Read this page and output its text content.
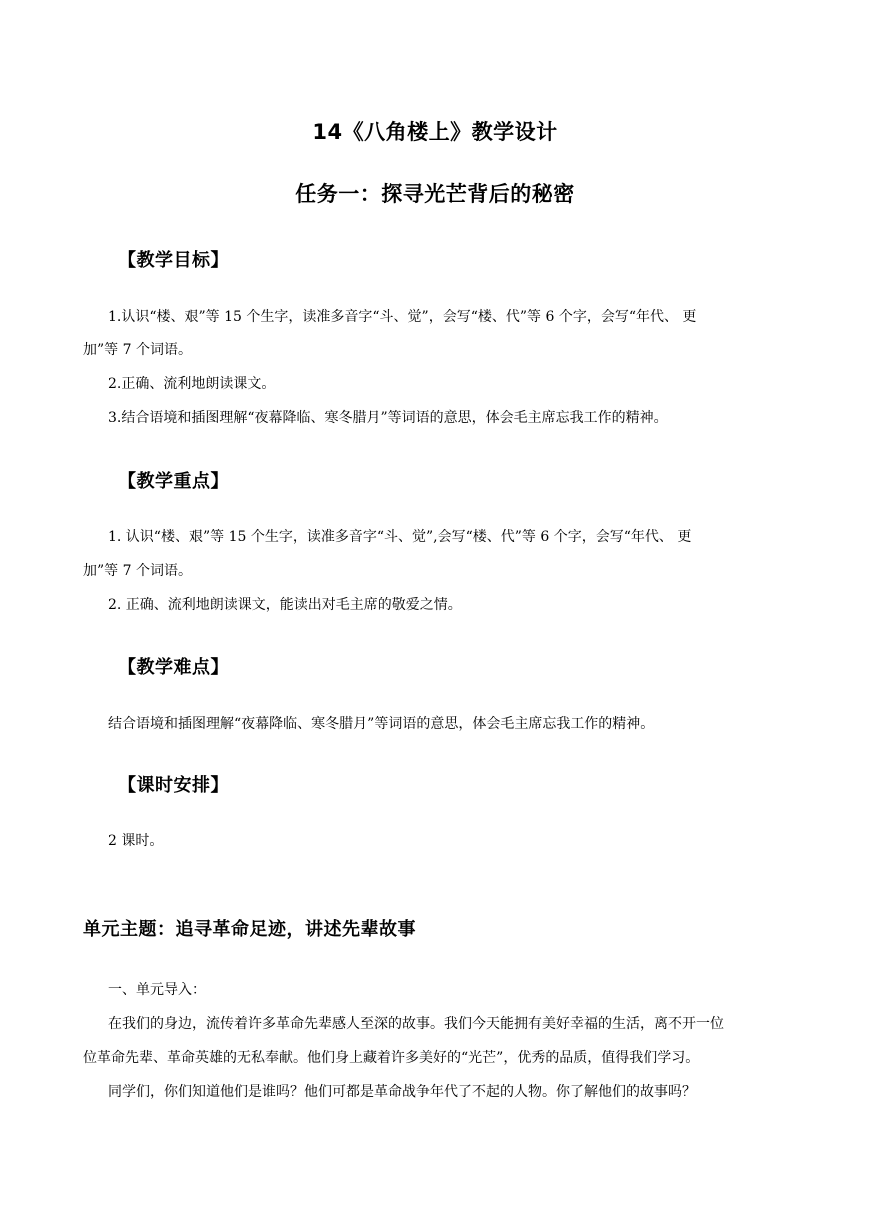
14《八角楼上》教学设计
任务一：探寻光芒背后的秘密
【教学目标】

1.认识“楼、艰”等 15 个生字，读准多音字“斗、觉”，会写“楼、代”等 6 个字，会写“年代、 更

加”等 7 个词语。

2.正确、流利地朗读课文。

3.结合语境和插图理解“夜幕降临、寒冬腊月”等词语的意思，体会毛主席忘我工作的精神。

【教学重点】

1. 认识“楼、艰”等 15 个生字，读准多音字“斗、觉”,会写“楼、代”等 6 个字，会写“年代、 更

加”等 7 个词语。

2. 正确、流利地朗读课文，能读出对毛主席的敬爱之情。

【教学难点】

结合语境和插图理解“夜幕降临、寒冬腊月”等词语的意思，体会毛主席忘我工作的精神。

【课时安排】

2 课时。

单元主题：追寻革命足迹，讲述先辈故事

一、单元导入：

在我们的身边，流传着许多革命先辈感人至深的故事。我们今天能拥有美好幸福的生活，离不开一位

位革命先辈、革命英雄的无私奉献。他们身上藏着许多美好的“光芒”，优秀的品质，值得我们学习。

同学们，你们知道他们是谁吗？他们可都是革命战争年代了不起的人物。你了解他们的故事吗？
